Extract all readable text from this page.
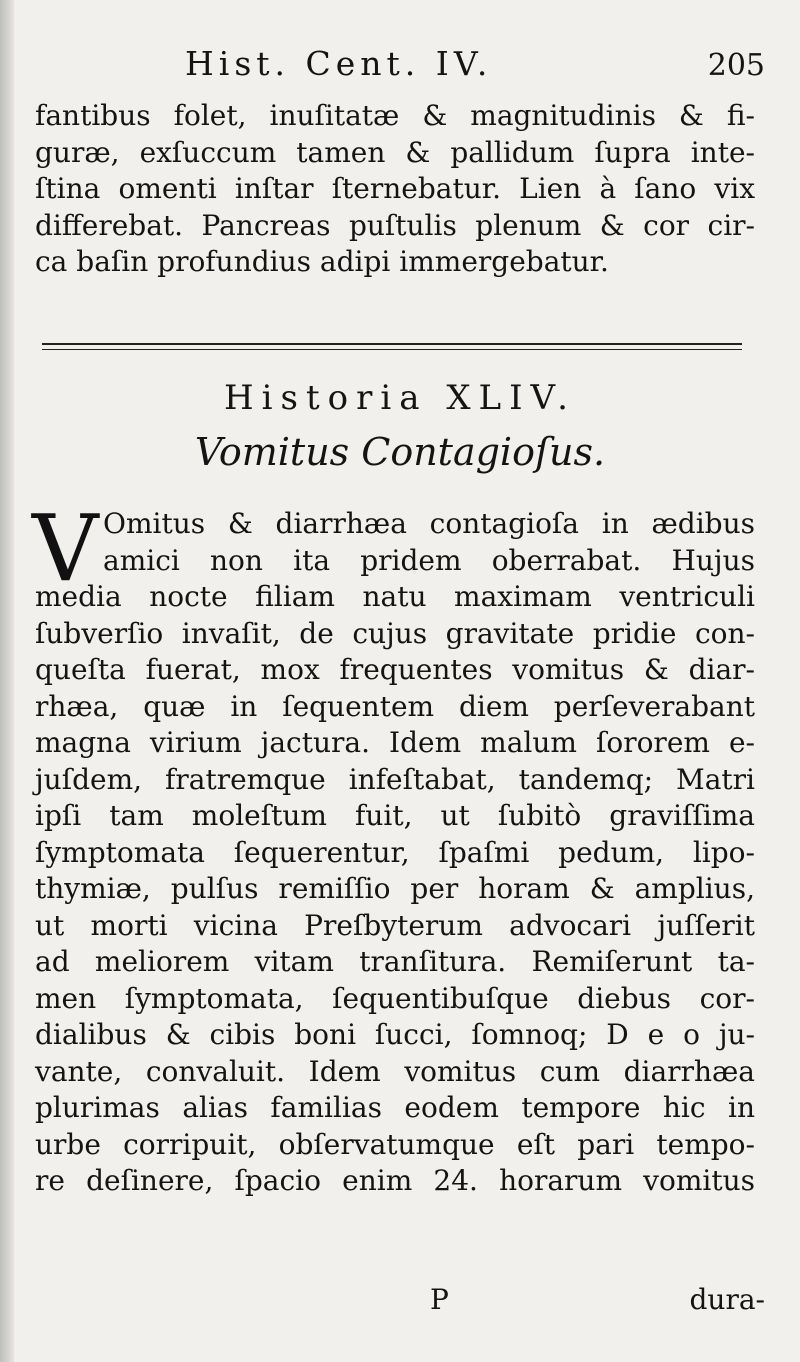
Hist. Cent. IV.	205
fantibus folet, inuſitatæ & magnitudinis & fi-
guræ, exſuccum tamen & pallidum ſupra inte-
ſtina omenti inſtar ſternebatur. Lien à ſano vix
differebat. Pancreas puſtulis plenum & cor cir-
ca baſin profundius adipi immergebatur.
Historia XLIV.
Vomitus Contagioſus.
V Omitus & diarrhæa contagioſa in ædibus
amici non ita pridem oberrabat. Hujus
media nocte filiam natu maximam ventriculi
ſubverſio invaſit, de cujus gravitate pridie con-
queſta fuerat, mox frequentes vomitus & diar-
rhæa, quæ in ſequentem diem perſeverabant
magna virium jactura. Idem malum ſororem e-
juſdem, fratremque infeſtabat, tandemq; Matri
ipſi tam moleſtum fuit, ut ſubitò graviſſima
ſymptomata ſequerentur, ſpaſmi pedum, lipo-
thymiæ, pulſus remiſſio per horam & amplius,
ut morti vicina Preſbyterum advocari juſſerit
ad meliorem vitam tranſitura. Remiſerunt ta-
men ſymptomata, ſequentibuſque diebus cor-
dialibus & cibis boni ſucci, ſomnoq; D e o ju-
vante, convaluit. Idem vomitus cum diarrhæa
plurimas alias familias eodem tempore hic in
urbe corripuit, obſervatumque eſt pari tempo-
re deſinere, ſpacio enim 24. horarum vomitus
P	dura-
